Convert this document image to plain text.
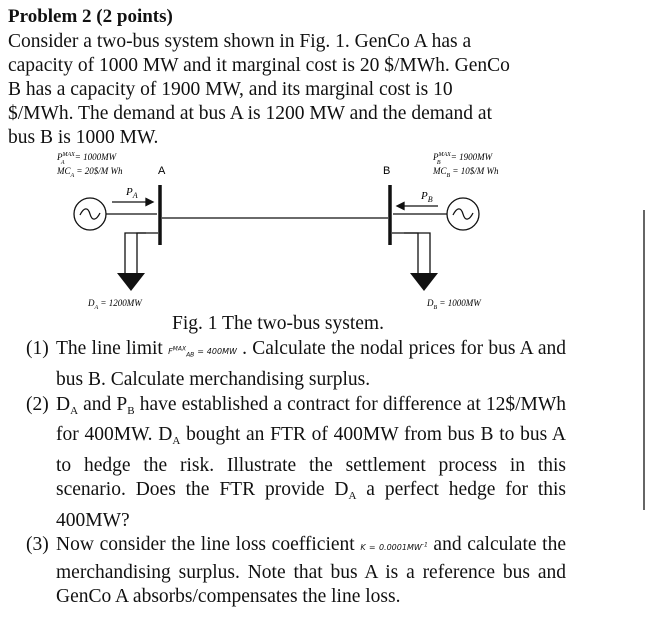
Problem 2 (2 points)
Consider a two-bus system shown in Fig. 1. GenCo A has a
capacity of 1000 MW and it marginal cost is 20 $/MWh. GenCo
B has a capacity of 1900 MW, and its marginal cost is 10
$/MWh. The demand at bus A is 1200 MW and the demand at
bus B is 1000 MW.
$P^{MAX}$ A = 1000MW
$MC_A$ = 20$/M Wh	A	B
$P^{MAX}$ B = 1900MW
$MC_B$ = 10$/M Wh
$P_A$	$P_B$
$D_A = 1200MW$	$D_B = 1000MW$
Fig. 1 The two-bus system.
(1) The line limit $F^{MAX}_{AB} = 400MW$ . Calculate the nodal prices for bus A and bus B. Calculate merchandising surplus.
(2) $D_A$ and $P_B$ have established a contract for difference at 12$/MWh for 400MW. $D_A$ bought an FTR of 400MW from bus B to bus A to hedge the risk. Illustrate the settlement process in this scenario. Does the FTR provide $D_A$ a perfect hedge for this 400MW?
(3) Now consider the line loss coefficient $K = 0.0001MW^{-1}$ and calculate the merchandising surplus. Note that bus A is a reference bus and GenCo A absorbs/compensates the line loss.
